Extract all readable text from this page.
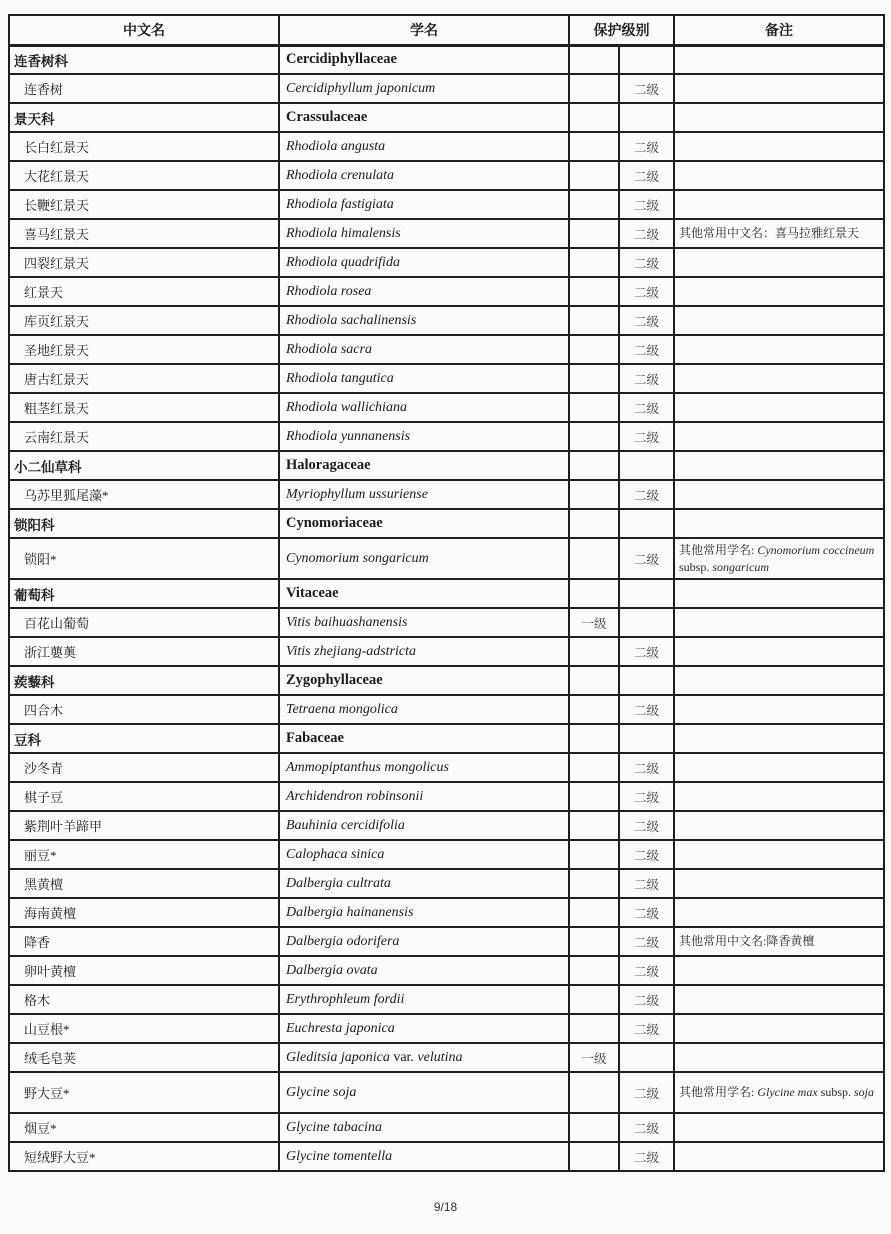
中文名	学名	保护级别		备注
连香树科	Cercidiphyllaceae			
连香树	Cercidiphyllum japonicum		二级	
景天科	Crassulaceae			
长白红景天	Rhodiola angusta		二级	
大花红景天	Rhodiola crenulata		二级	
长鞭红景天	Rhodiola fastigiata		二级	
喜马红景天	Rhodiola himalensis		二级	其他常用中文名：喜马拉雅红景天
四裂红景天	Rhodiola quadrifida		二级	
红景天	Rhodiola rosea		二级	
库页红景天	Rhodiola sachalinensis		二级	
圣地红景天	Rhodiola sacra		二级	
唐古红景天	Rhodiola tangutica		二级	
粗茎红景天	Rhodiola wallichiana		二级	
云南红景天	Rhodiola yunnanensis		二级	
小二仙草科	Haloragaceae			
乌苏里狐尾藻*	Myriophyllum ussuriense		二级	
锁阳科	Cynomoriaceae			
锁阳*	Cynomorium songaricum		二级	其他常用学名: Cynomorium coccineum subsp. songaricum
葡萄科	Vitaceae			
百花山葡萄	Vitis baihuashanensis	一级		
浙江蘡薁	Vitis zhejiang-adstricta		二级	
蒺藜科	Zygophyllaceae			
四合木	Tetraena mongolica		二级	
豆科	Fabaceae			
沙冬青	Ammopiptanthus mongolicus		二级	
棋子豆	Archidendron robinsonii		二级	
紫荆叶羊蹄甲	Bauhinia cercidifolia		二级	
丽豆*	Calophaca sinica		二级	
黑黄檀	Dalbergia cultrata		二级	
海南黄檀	Dalbergia hainanensis		二级	
降香	Dalbergia odorifera		二级	其他常用中文名:降香黄檀
卵叶黄檀	Dalbergia ovata		二级	
格木	Erythrophleum fordii		二级	
山豆根*	Euchresta japonica		二级	
绒毛皂荚	Gleditsia japonica var. velutina	一级		
野大豆*	Glycine soja		二级	其他常用学名: Glycine max subsp. soja
烟豆*	Glycine tabacina		二级	
短绒野大豆*	Glycine tomentella		二级	
9/18
